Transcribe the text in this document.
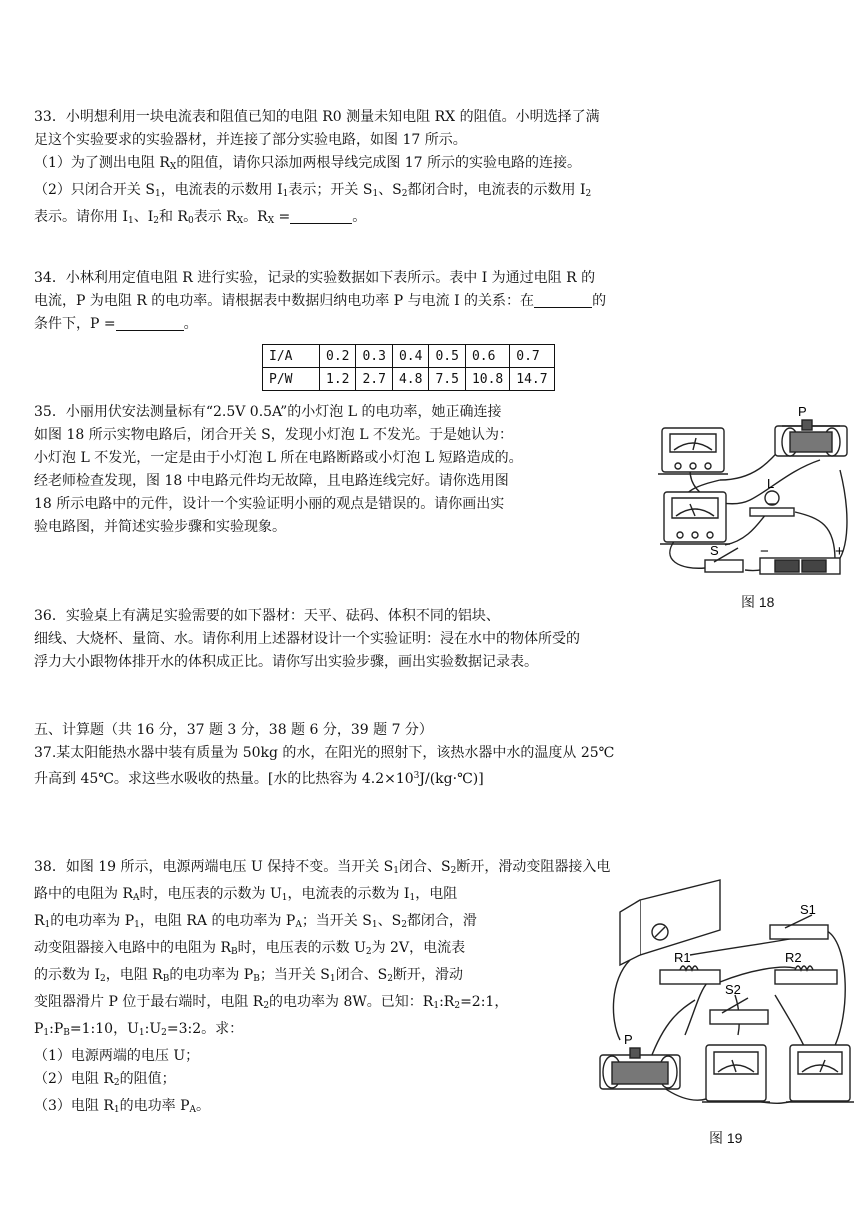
33．小明想利用一块电流表和阻值已知的电阻 R0 测量未知电阻 RX 的阻值。小明选择了满

足这个实验要求的实验器材，并连接了部分实验电路，如图 17 所示。

（1）为了测出电阻 $R_X$的阻值，请你只添加两根导线完成图 17 所示的实验电路的连接。

（2）只闭合开关 $S_1$，电流表的示数用 $I_1$表示；开关 $S_1$、$S_2$都闭合时，电流表的示数用 $I_2$

表示。请你用 $I_1$、$I_2$和 $R_0$表示 $R_X$。$R_X$ =	。

34．小林利用定值电阻 R 进行实验，记录的实验数据如下表所示。表中 I 为通过电阻 R 的

电流，P 为电阻 R 的电功率。请根据表中数据归纳电功率 P 与电流 I 的关系：在	的

条件下，P =	。

I/A	0.2	0.3	0.4	0.5	0.6	0.7
P/W	1.2	2.7	4.8	7.5	10.8	14.7

35．小丽用伏安法测量标有“2.5V 0.5A”的小灯泡 L 的电功率，她正确连接

如图 18 所示实物电路后，闭合开关 S，发现小灯泡 L 不发光。于是她认为：

小灯泡 L 不发光，一定是由于小灯泡 L 所在电路断路或小灯泡 L 短路造成的。

经老师检查发现，图 18 中电路元件均无故障，且电路连线完好。请你选用图

18 所示电路中的元件，设计一个实验证明小丽的观点是错误的。请你画出实

验电路图，并简述实验步骤和实验现象。

P
L
S	−	+
图 18

36．实验桌上有满足实验需要的如下器材：天平、砝码、体积不同的铝块、

细线、大烧杯、量筒、水。请你利用上述器材设计一个实验证明：浸在水中的物体所受的

浮力大小跟物体排开水的体积成正比。请你写出实验步骤，画出实验数据记录表。

五、计算题（共 16 分，37 题 3 分，38 题 6 分，39 题 7 分）

37.某太阳能热水器中装有质量为 50kg 的水，在阳光的照射下，该热水器中水的温度从 25℃

升高到 45℃。求这些水吸收的热量。[水的比热容为 $4.2\times 10^3J/(kg\cdot℃)$]

38．如图 19 所示，电源两端电压 U 保持不变。当开关 $S_1$闭合、$S_2$断开，滑动变阻器接入电

路中的电阻为 $R_A$时，电压表的示数为 $U_1$，电流表的示数为 $I_1$，电阻

$R_1$的电功率为 $P_1$，电阻 RA 的电功率为 $P_A$；当开关 $S_1$、$S_2$都闭合，滑

动变阻器接入电路中的电阻为 $R_B$时，电压表的示数 $U_2$为 2V，电流表

的示数为 $I_2$，电阻 $R_B$的电功率为 $P_B$；当开关 $S_1$闭合、$S_2$断开，滑动

变阻器滑片 P 位于最右端时，电阻 $R_2$的电功率为 8W。已知：$R_1:R_2=2:1$，

$P_1:P_B=1:10$，$U_1:U_2=3:2$。求：

（1）电源两端的电压 U；

（2）电阻 $R_2$的阻值；

（3）电阻 $R_1$的电功率 $P_A$。

S1
R1	R2
S2
P
图 19
